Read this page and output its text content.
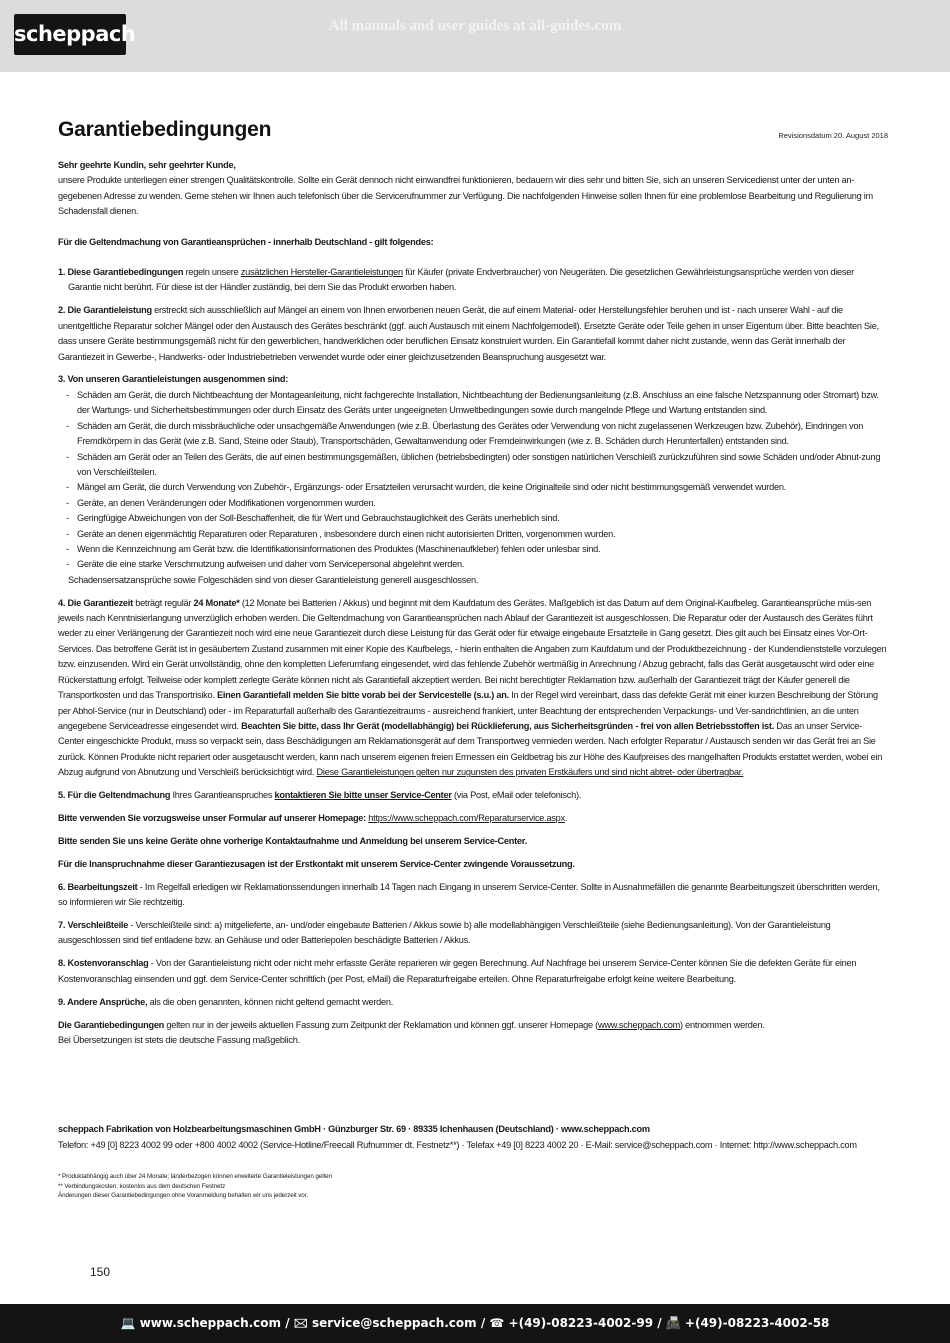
scheppach	All manuals and user guides at all-guides.com
Garantiebedingungen	Revisionsdatum 20. August 2018

Sehr geehrte Kundin, sehr geehrter Kunde,

unsere Produkte unterliegen einer strengen Qualitätskontrolle. Sollte ein Gerät dennoch nicht einwandfrei funktionieren, bedauern wir dies sehr und bitten Sie, sich an unseren Servicedienst unter der unten an-gegebenen Adresse zu wenden. Gerne stehen wir Ihnen auch telefonisch über die Servicerufnummer zur Verfügung. Die nachfolgenden Hinweise sollen Ihnen für eine problemlose Bearbeitung und Regulierung im Schadensfall dienen.

Für die Geltendmachung von Garantieansprüchen - innerhalb Deutschland - gilt folgendes:

1. Diese Garantiebedingungen regeln unsere zusätzlichen Hersteller-Garantieleistungen für Käufer (private Endverbraucher) von Neugeräten. Die gesetzlichen Gewährleistungsansprüche werden von dieser

Garantie nicht berührt. Für diese ist der Händler zuständig, bei dem Sie das Produkt erworben haben.

2. Die Garantieleistung erstreckt sich ausschließlich auf Mängel an einem von Ihnen erworbenen neuen Gerät, die auf einem Material- oder Herstellungsfehler beruhen und ist - nach unserer Wahl - auf die unentgeltliche Reparatur solcher Mängel oder den Austausch des Gerätes beschränkt (ggf. auch Austausch mit einem Nachfolgemodell). Ersetzte Geräte oder Teile gehen in unser Eigentum über. Bitte beachten Sie, dass unsere Geräte bestimmungsgemäß nicht für den gewerblichen, handwerklichen oder beruflichen Einsatz konstruiert wurden. Ein Garantiefall kommt daher nicht zustande, wenn das Gerät innerhalb der Garantiezeit in Gewerbe-, Handwerks- oder Industriebetrieben verwendet wurde oder einer gleichzusetzenden Beanspruchung ausgesetzt war.

3. Von unseren Garantieleistungen ausgenommen sind:

- Schäden am Gerät, die durch Nichtbeachtung der Montageanleitung, nicht fachgerechte Installation, Nichtbeachtung der Bedienungsanleitung (z.B. Anschluss an eine falsche Netzspannung oder Stromart) bzw. der Wartungs- und Sicherheitsbestimmungen oder durch Einsatz des Geräts unter ungeeigneten Umweltbedingungen sowie durch mangelnde Pflege und Wartung entstanden sind.
- Schäden am Gerät, die durch missbräuchliche oder unsachgemäße Anwendungen (wie z.B. Überlastung des Gerätes oder Verwendung von nicht zugelassenen Werkzeugen bzw. Zubehör), Eindringen von Fremdkörpern in das Gerät (wie z.B. Sand, Steine oder Staub), Transportschäden, Gewaltanwendung oder Fremdeinwirkungen (wie z. B. Schäden durch Herunterfallen) entstanden sind.
- Schäden am Gerät oder an Teilen des Geräts, die auf einen bestimmungsgemäßen, üblichen (betriebsbedingten) oder sonstigen natürlichen Verschleiß zurückzuführen sind sowie Schäden und/oder Abnut-zung von Verschleißteilen.
- Mängel am Gerät, die durch Verwendung von Zubehör-, Ergänzungs- oder Ersatzteilen verursacht wurden, die keine Originalteile sind oder nicht bestimmungsgemäß verwendet wurden.
- Geräte, an denen Veränderungen oder Modifikationen vorgenommen wurden.
- Geringfügige Abweichungen von der Soll-Beschaffenheit, die für Wert und Gebrauchstauglichkeit des Geräts unerheblich sind.
- Geräte an denen eigenmächtig Reparaturen oder Reparaturen , insbesondere durch einen nicht autorisierten Dritten, vorgenommen wurden.
- Wenn die Kennzeichnung am Gerät bzw. die Identifikationsinformationen des Produktes (Maschinenaufkleber) fehlen oder unlesbar sind.
- Geräte die eine starke Verschmutzung aufweisen und daher vom Servicepersonal abgelehnt werden.

Schadensersatzansprüche sowie Folgeschäden sind von dieser Garantieleistung generell ausgeschlossen.

4. Die Garantiezeit beträgt regulär 24 Monate* (12 Monate bei Batterien / Akkus) und beginnt mit dem Kaufdatum des Gerätes. Maßgeblich ist das Datum auf dem Original-Kaufbeleg. Garantieansprüche müs-sen jeweils nach Kenntnisierlangung unverzüglich erhoben werden. Die Geltendmachung von Garantieansprüchen nach Ablauf der Garantiezeit ist ausgeschlossen. Die Reparatur oder der Austausch des Gerätes führt weder zu einer Verlängerung der Garantiezeit noch wird eine neue Garantiezeit durch diese Leistung für das Gerät oder für etwaige eingebaute Ersatzteile in Gang gesetzt. Dies gilt auch bei Einsatz eines Vor-Ort-Services. Das betroffene Gerät ist in gesäubertem Zustand zusammen mit einer Kopie des Kaufbelegs, - hierin enthalten die Angaben zum Kaufdatum und der Produktbezeichnung - der Kundendienststelle vorzulegen bzw. einzusenden. Wird ein Gerät unvollständig, ohne den kompletten Lieferumfang eingesendet, wird das fehlende Zubehör wertmäßig in Anrechnung / Abzug gebracht, falls das Gerät ausgetauscht wird oder eine Rückerstattung erfolgt. Teilweise oder komplett zerlegte Geräte können nicht als Garantiefall akzeptiert werden. Bei nicht berechtigter Reklamation bzw. außerhalb der Garantiezeit trägt der Käufer generell die Transportkosten und das Transportrisiko. Einen Garantiefall melden Sie bitte vorab bei der Servicestelle (s.u.) an. In der Regel wird vereinbart, dass das defekte Gerät mit einer kurzen Beschreibung der Störung per Abhol-Service (nur in Deutschland) oder - im Reparaturfall außerhalb des Garantiezeitraums - ausreichend frankiert, unter Beachtung der entsprechenden Verpackungs- und Ver-sandrichtlinien, an die unten angegebene Serviceadresse eingesendet wird. Beachten Sie bitte, dass Ihr Gerät (modellabhängig) bei Rücklieferung, aus Sicherheitsgründen - frei von allen Betriebsstoffen ist. Das an unser Service-Center eingeschickte Produkt, muss so verpackt sein, dass Beschädigungen am Reklamationsgerät auf dem Transportweg vermieden werden. Nach erfolgter Reparatur / Austausch senden wir das Gerät frei an Sie zurück. Können Produkte nicht repariert oder ausgetauscht werden, kann nach unserem eigenen freien Ermessen ein Geldbetrag bis zur Höhe des Kaufpreises des mangelhaften Produkts erstattet werden, wobei ein Abzug aufgrund von Abnutzung und Verschleiß berücksichtigt wird. Diese Garantieleistungen gelten nur zugunsten des privaten Erstkäufers und sind nicht abtret- oder übertragbar.

5. Für die Geltendmachung Ihres Garantieanspruches kontaktieren Sie bitte unser Service-Center (via Post, eMail oder telefonisch).

Bitte verwenden Sie vorzugsweise unser Formular auf unserer Homepage: https://www.scheppach.com/Reparaturservice.aspx.

Bitte senden Sie uns keine Geräte ohne vorherige Kontaktaufnahme und Anmeldung bei unserem Service-Center.

Für die Inanspruchnahme dieser Garantiezusagen ist der Erstkontakt mit unserem Service-Center zwingende Voraussetzung.

6. Bearbeitungszeit - Im Regelfall erledigen wir Reklamationssendungen innerhalb 14 Tagen nach Eingang in unserem Service-Center. Sollte in Ausnahmefällen die genannte Bearbeitungszeit überschritten werden, so informieren wir Sie rechtzeitig.

7. Verschleißteile - Verschleißteile sind: a) mitgelieferte, an- und/oder eingebaute Batterien / Akkus sowie b) alle modellabhängigen Verschleißteile (siehe Bedienungsanleitung). Von der Garantieleistung ausgeschlossen sind tief entladene bzw. an Gehäuse und oder Batteriepolen beschädigte Batterien / Akkus.

8. Kostenvoranschlag - Von der Garantieleistung nicht oder nicht mehr erfasste Geräte reparieren wir gegen Berechnung. Auf Nachfrage bei unserem Service-Center können Sie die defekten Geräte für einen Kostenvoranschlag einsenden und ggf. dem Service-Center schriftlich (per Post, eMail) die Reparaturfreigabe erteilen. Ohne Reparaturfreigabe erfolgt keine weitere Bearbeitung.

9. Andere Ansprüche, als die oben genannten, können nicht geltend gemacht werden.

Die Garantiebedingungen gelten nur in der jeweils aktuellen Fassung zum Zeitpunkt der Reklamation und können ggf. unserer Homepage (www.scheppach.com) entnommen werden.

Bei Übersetzungen ist stets die deutsche Fassung maßgeblich.

scheppach Fabrikation von Holzbearbeitungsmaschinen GmbH · Günzburger Str. 69 · 89335 Ichenhausen (Deutschland) · www.scheppach.com

Telefon: +49 [0] 8223 4002 99 oder +800 4002 4002 (Service-Hotline/Freecall Rufnummer dt. Festnetz**) · Telefax +49 [0] 8223 4002 20 · E-Mail: service@scheppach.com · Internet: http://www.scheppach.com

* Produktabhängig auch über 24 Monate; länderbezogen können erweiterte Garantieleistungen gelten

** Verbindungskosten: kostenlos aus dem deutschen Festnetz

Änderungen dieser Garantiebedingungen ohne Voranmeldung behalten wir uns jederzeit vor.

150
💻 www.scheppach.com / 🖂 service@scheppach.com / ☎ +(49)-08223-4002-99 / 📠 +(49)-08223-4002-58
